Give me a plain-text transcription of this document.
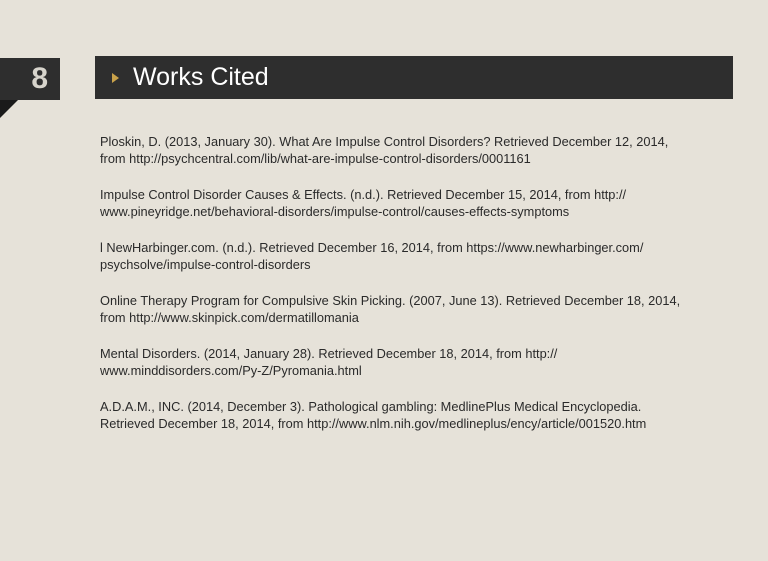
8	Works Cited

Ploskin, D. (2013, January 30). What Are Impulse Control Disorders? Retrieved December 12, 2014,
from http://psychcentral.com/lib/what-are-impulse-control-disorders/0001161

Impulse Control Disorder Causes & Effects. (n.d.). Retrieved December 15, 2014, from http://
www.pineyridge.net/behavioral-disorders/impulse-control/causes-effects-symptoms

l NewHarbinger.com. (n.d.). Retrieved December 16, 2014, from https://www.newharbinger.com/
psychsolve/impulse-control-disorders

Online Therapy Program for Compulsive Skin Picking. (2007, June 13). Retrieved December 18, 2014,
from http://www.skinpick.com/dermatillomania

Mental Disorders. (2014, January 28). Retrieved December 18, 2014, from http://
www.minddisorders.com/Py-Z/Pyromania.html

A.D.A.M., INC. (2014, December 3). Pathological gambling: MedlinePlus Medical Encyclopedia.
Retrieved December 18, 2014, from http://www.nlm.nih.gov/medlineplus/ency/article/001520.htm
